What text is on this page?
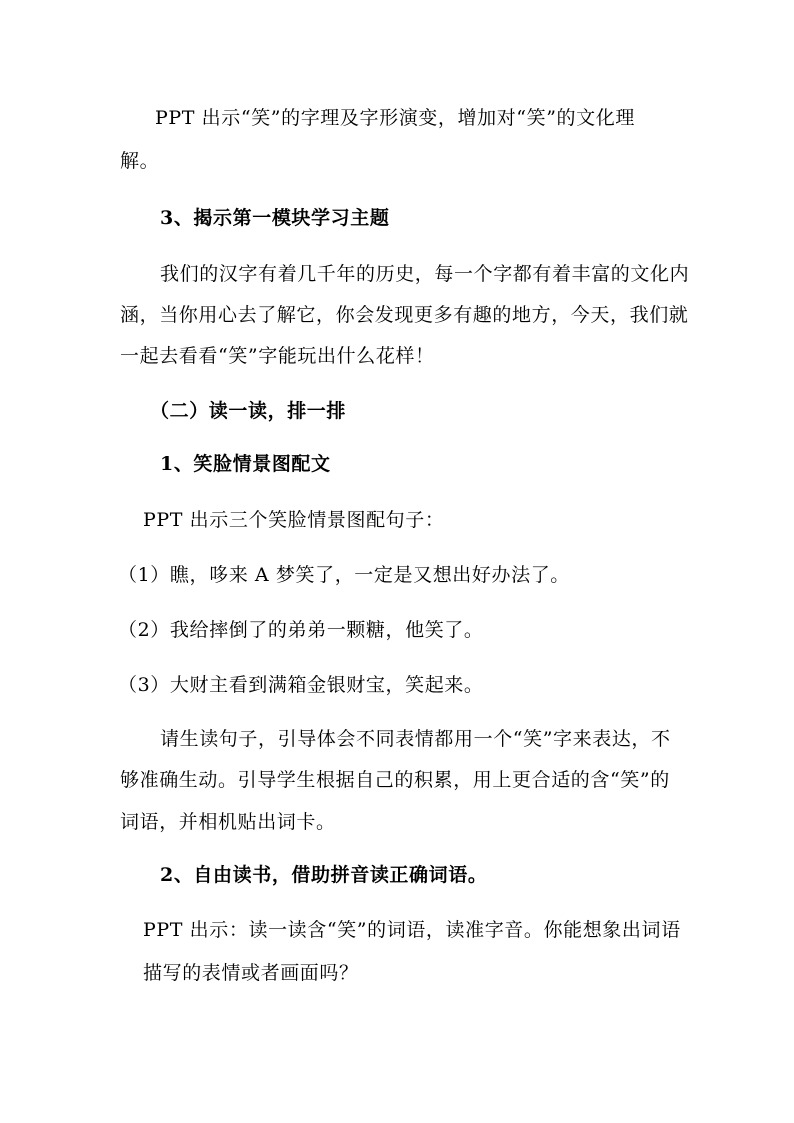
PPT 出示“笑”的字理及字形演变，增加对“笑”的文化理
解。
3、揭示第一模块学习主题
我们的汉字有着几千年的历史，每一个字都有着丰富的文化内
涵，当你用心去了解它，你会发现更多有趣的地方，今天，我们就
一起去看看“笑”字能玩出什么花样！
（二）读一读，排一排
1、笑脸情景图配文
PPT 出示三个笑脸情景图配句子：
（1）瞧，哆来 A 梦笑了，一定是又想出好办法了。
（2）我给摔倒了的弟弟一颗糖，他笑了。
（3）大财主看到满箱金银财宝，笑起来。
请生读句子，引导体会不同表情都用一个“笑”字来表达，不
够准确生动。引导学生根据自己的积累，用上更合适的含“笑”的
词语，并相机贴出词卡。
2、自由读书，借助拼音读正确词语。
PPT 出示：读一读含“笑”的词语，读准字音。你能想象出词语
描写的表情或者画面吗？
